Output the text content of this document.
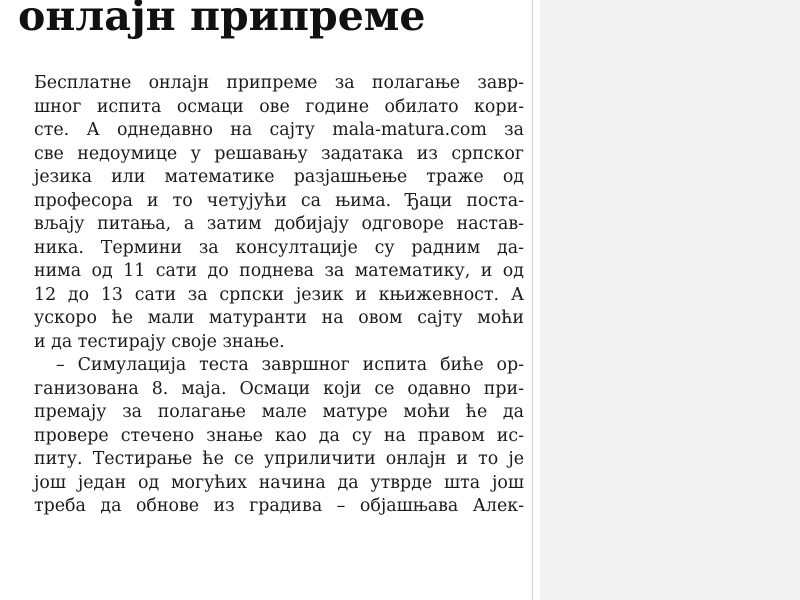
онлајн припреме
Бесплатне онлајн припреме за полагање завр-
шног испита осмаци ове године обилато кори-
сте. А однедавно на сајту mala-matura.com за
све недоумице у решавању задатака из српског
језика или математике разјашњење траже од
професора и то четујући са њима. Ђаци поста-
вљају питања, а затим добијају одговоре настав-
ника. Термини за консултације су радним да-
нима од 11 сати до поднева за математику, и од
12 до 13 сати за српски језик и књижевност. А
ускоро ће мали матуранти на овом сајту моћи
и да тестирају своје знање.
– Симулација теста завршног испита биће ор-
ганизована 8. маја. Осмаци који се одавно при-
премају за полагање мале матуре моћи ће да
провере стечено знање као да су на правом ис-
питу. Тестирање ће се уприличити онлајн и то је
још један од могућих начина да утврде шта још
треба да обнове из градива – објашњава Алек-
